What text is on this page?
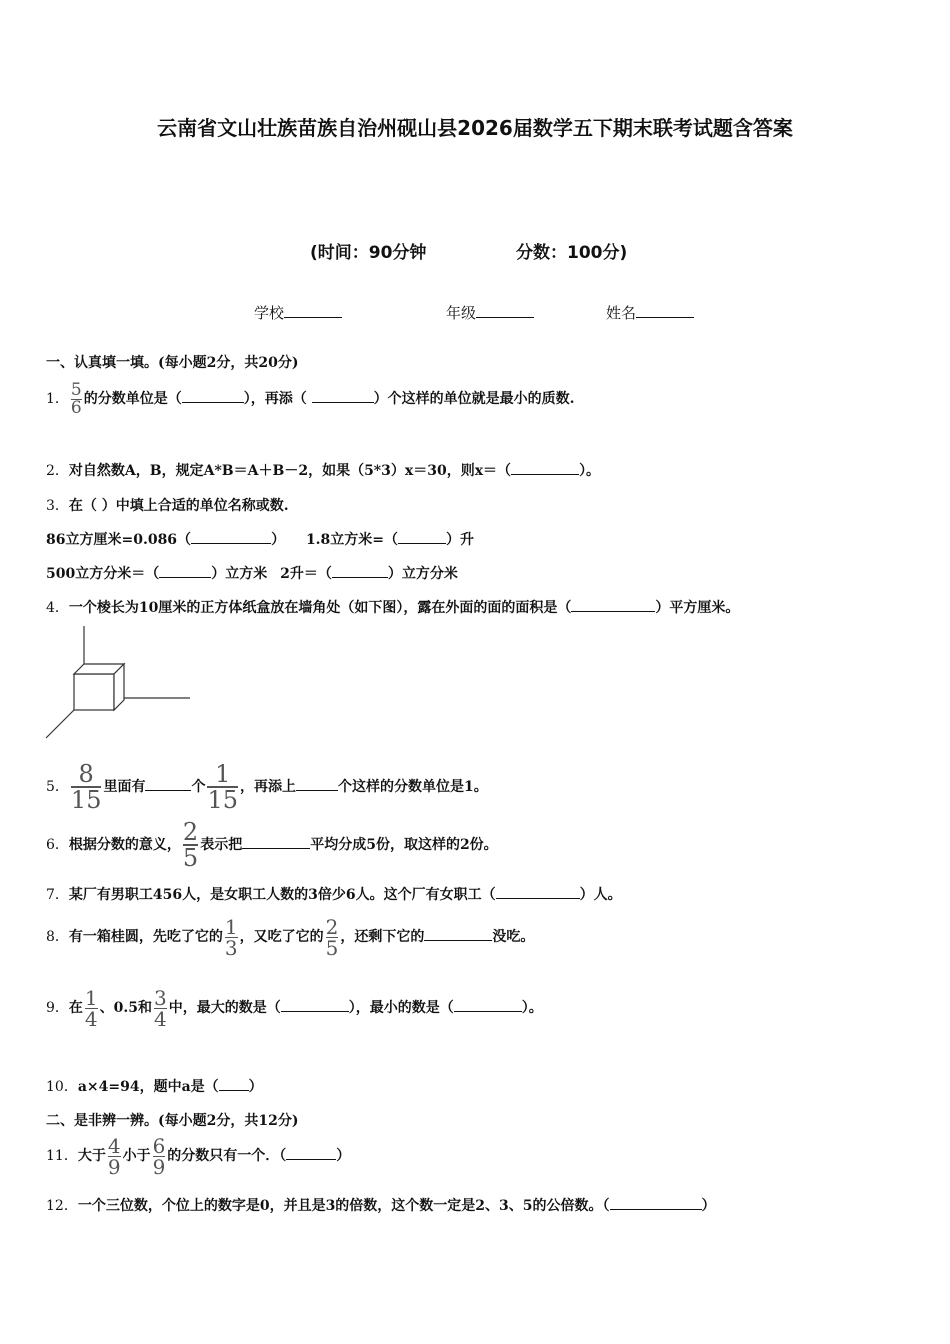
云南省文山壮族苗族自治州砚山县2026届数学五下期末联考试题含答案
(时间：90分钟	分数：100分)
学校	年级	姓名
一、认真填一填。(每小题2分，共20分)
1． $\frac{5}{6}$ 的分数单位是（	），再添（	）个这样的单位就是最小的质数.
2．对自然数A，B，规定A*B＝A＋B－2，如果（5*3）x＝30，则x＝（	）。
3．在（ ）中填上合适的单位名称或数.
86立方厘米=0.086（	） 1.8立方米=（	）升
500立方分米＝（	）立方米 2升＝（	）立方分米
4．一个棱长为10厘米的正方体纸盒放在墙角处（如下图），露在外面的面的面积是（	）平方厘米。
5． $\frac{8}{15}$ 里面有	个 $\frac{1}{15}$ ，再添上	个这样的分数单位是1。
6．根据分数的意义， $\frac{2}{5}$ 表示把	平均分成5份，取这样的2份。
7．某厂有男职工456人，是女职工人数的3倍少6人。这个厂有女职工（	）人。
8．有一箱桂圆，先吃了它的 $\frac{1}{3}$ ，又吃了它的 $\frac{2}{5}$ ，还剩下它的	没吃。
9．在 $\frac{1}{4}$ 、0.5和 $\frac{3}{4}$ 中，最大的数是（	），最小的数是（	）。
10．a×4=94，题中a是（ ）
二、是非辨一辨。(每小题2分，共12分)
11．大于 $\frac{4}{9}$ 小于 $\frac{6}{9}$ 的分数只有一个．（	）
12．一个三位数，个位上的数字是0，并且是3的倍数，这个数一定是2、3、5的公倍数。（	）
